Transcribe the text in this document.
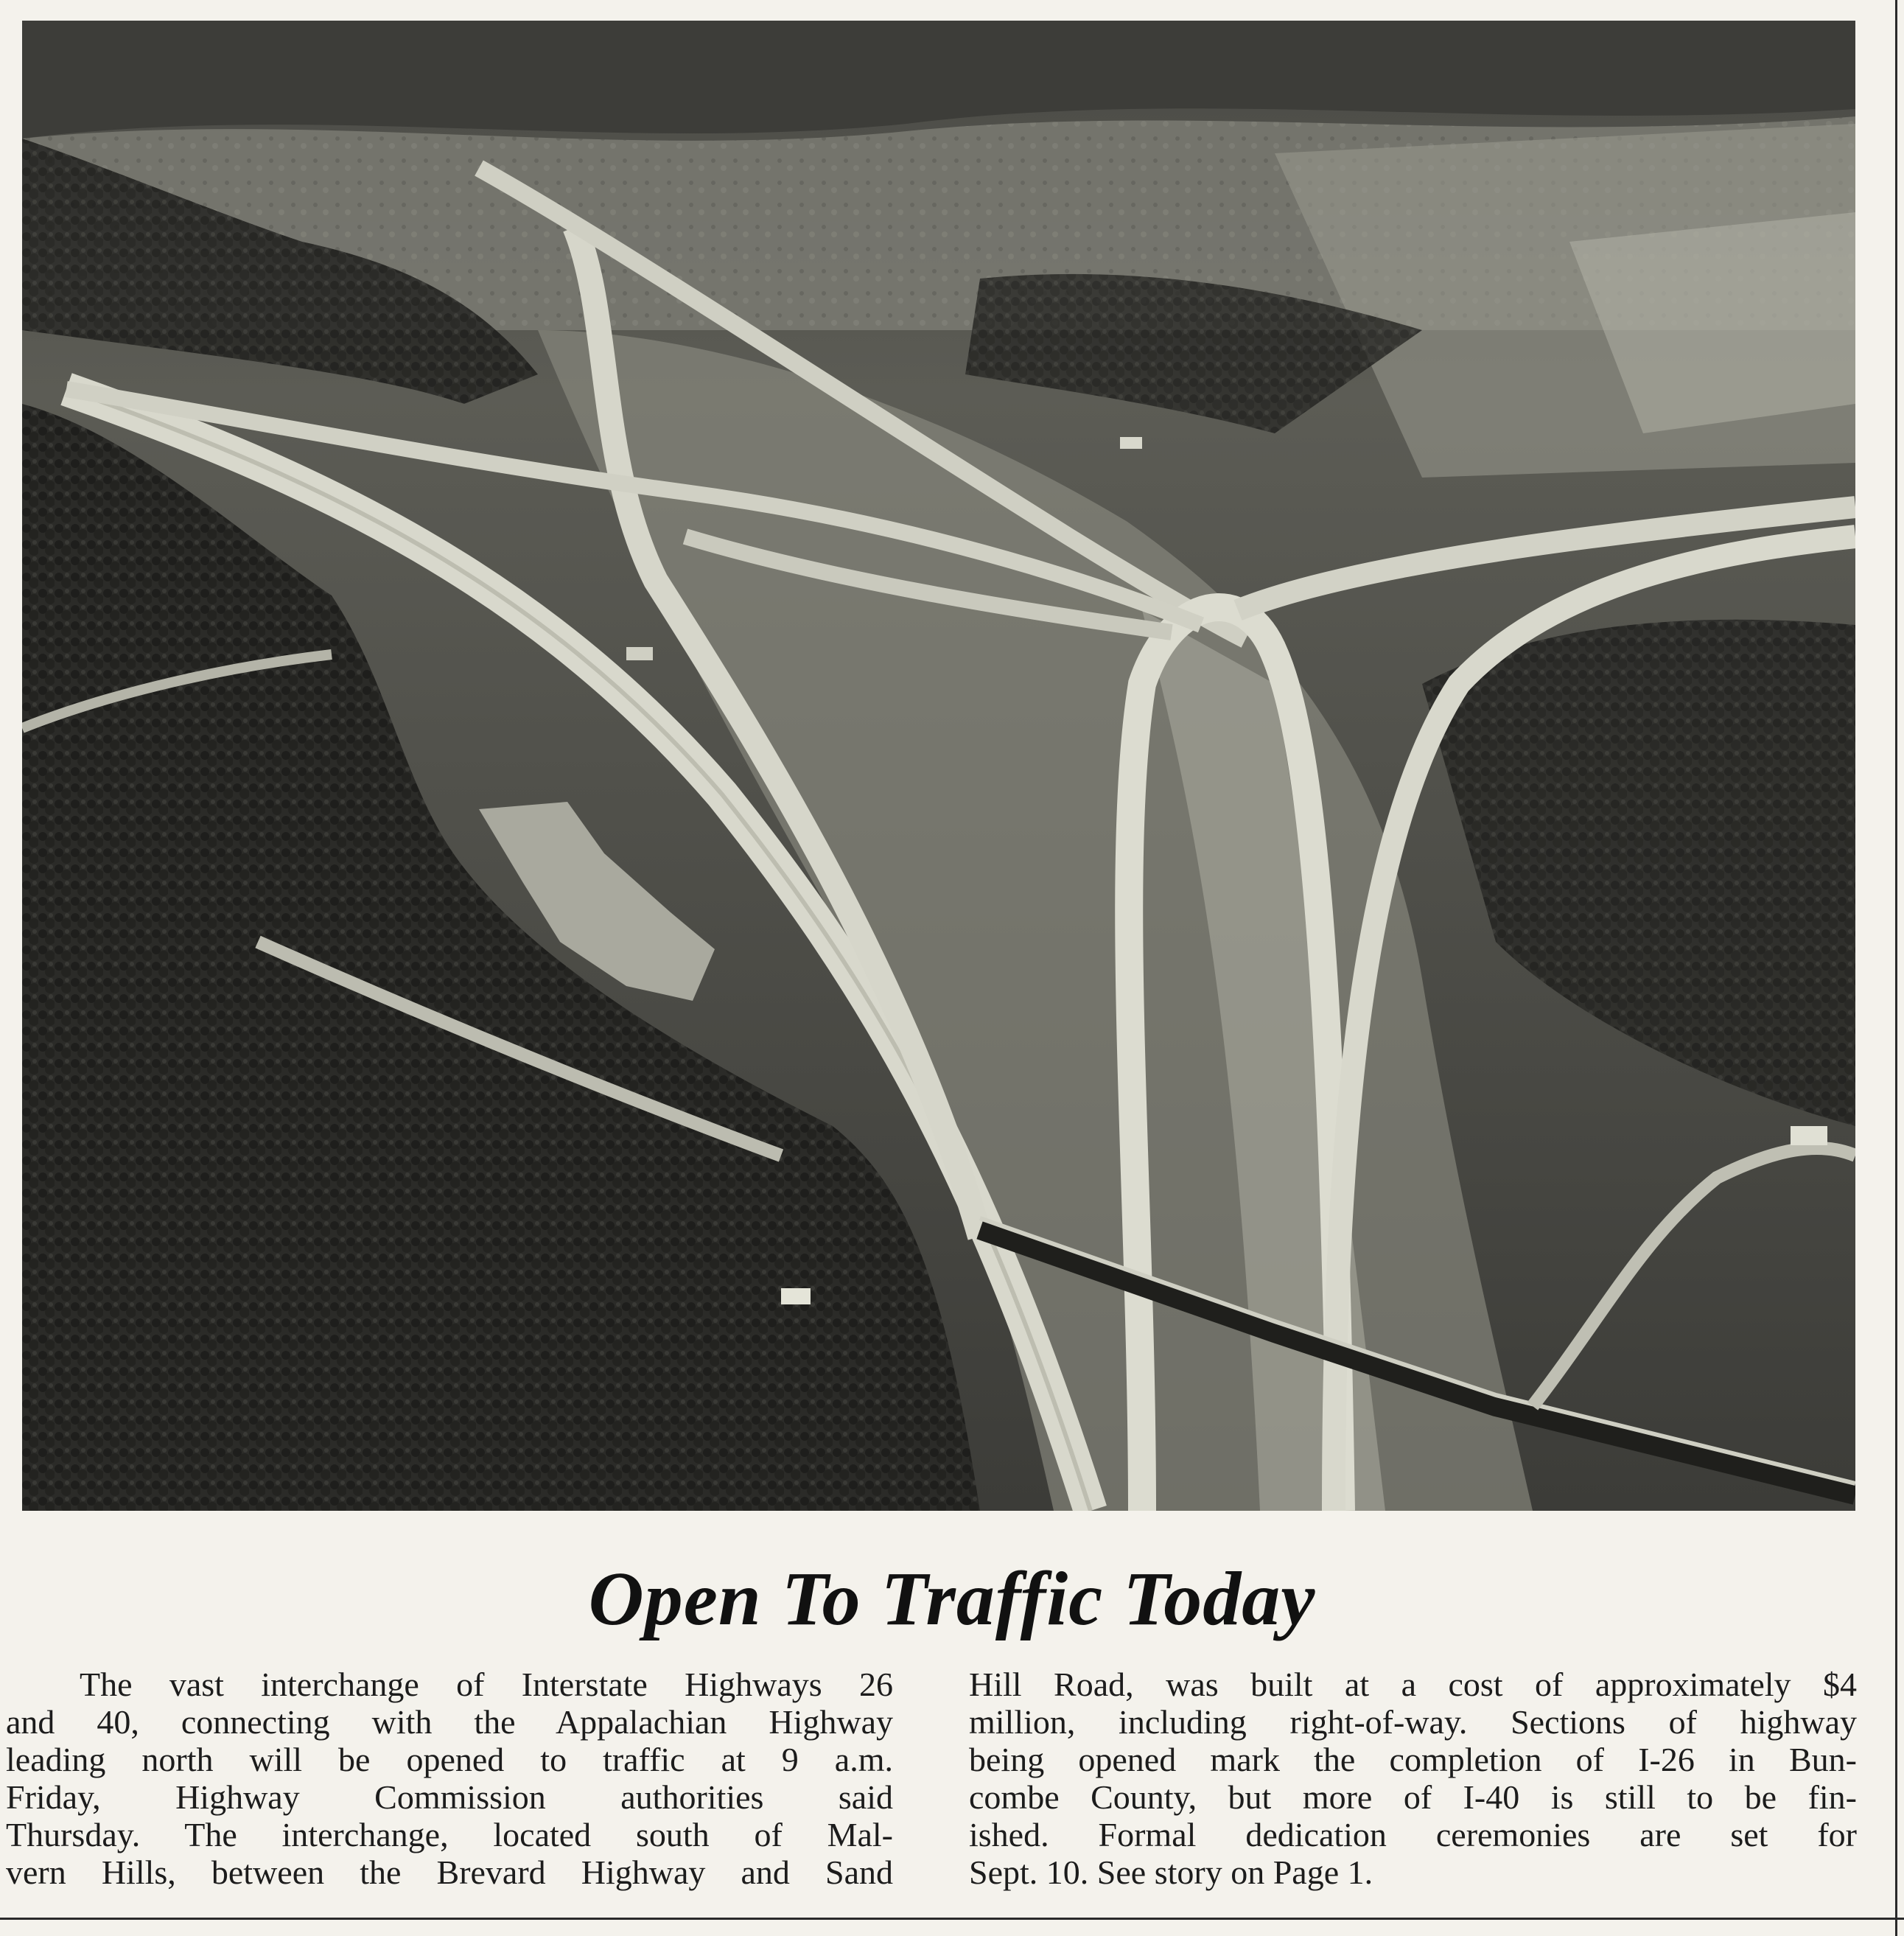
Open To Traffic Today
The vast interchange of Interstate Highways 26
and 40, connecting with the Appalachian Highway
leading north will be opened to traffic at 9 a.m.
Friday, Highway Commission authorities said
Thursday. The interchange, located south of Mal-
vern Hills, between the Brevard Highway and Sand
Hill Road, was built at a cost of approximately $4
million, including right-of-way. Sections of highway
being opened mark the completion of I-26 in Bun-
combe County, but more of I-40 is still to be fin-
ished. Formal dedication ceremonies are set for
Sept. 10. See story on Page 1.
